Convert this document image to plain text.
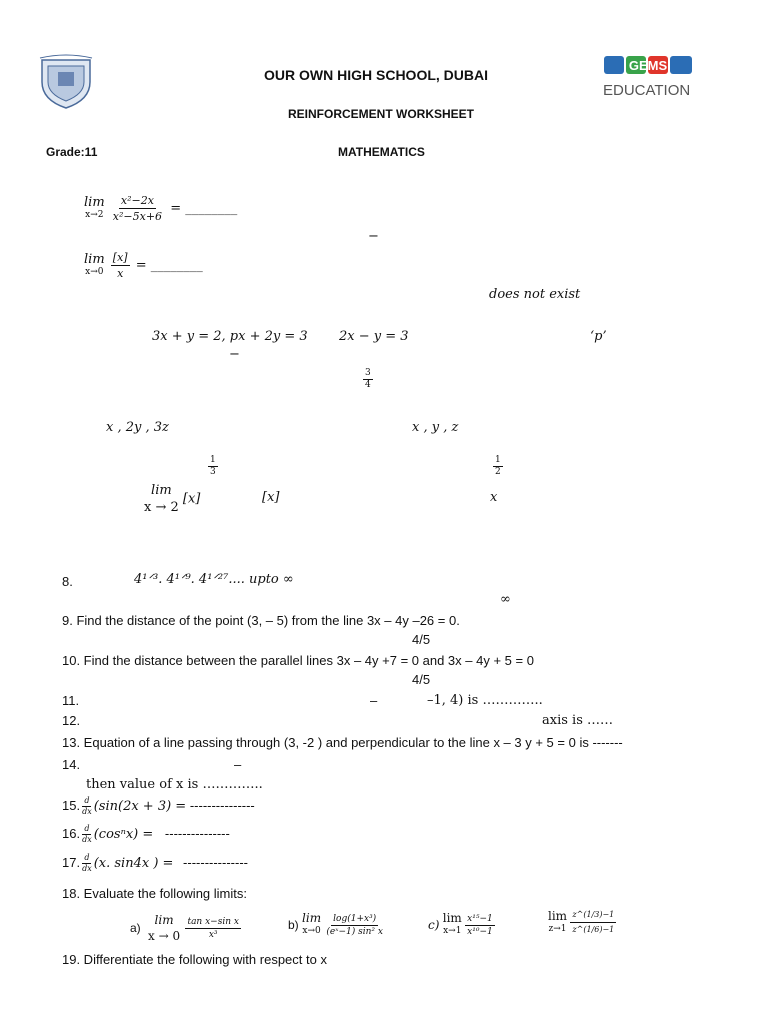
OUR OWN HIGH SCHOOL, DUBAI
REINFORCEMENT WORKSHEET
GEMS
EDUCATION
Grade:11	MATHEMATICS
lim
x→2
$\frac{\text{x²−2x}}{\text{x²−5x+6}}$ = ________
−
lim
x→0
$\frac{[x]}{x}$ = ________
does not exist
3x + y = 2, px + 2y = 3 2x − y = 3	‘p’
−
$\frac{3}{4}$
x , 2y , 3z	x , y , z
$\frac{1}{3}$	$\frac{1}{2}$
lim
x → 2
[x]	[x]	x
8.	4¹ᐟ³. 4¹ᐟ⁹. 4¹ᐟ²⁷.... upto ∞
∞
9. Find the distance of the point (3, – 5) from the line 3x – 4y –26 = 0.
4/5
10. Find the distance between the parallel lines 3x – 4y +7 = 0 and 3x – 4y + 5 = 0
4/5
11.	–	–1, 4) is …………..
12.	axis is ……
13. Equation of a line passing through (3, -2 ) and perpendicular to the line x – 3 y + 5 = 0 is -------
14.	–
then value of x is …………..
15. $\frac{d}{dx} (\sin(2x + 3)$ = ---------------
16. $\frac{d}{dx} (\cos^nx)$ = ---------------
17. $\frac{d}{dx} (x$. sin4x ) = ---------------
18. Evaluate the following limits:
a)
lim
x → 0
$\frac{\text{tan x−sin x}}{\text{x³}}$	b) lim
x→0
$\frac{\text{log(1+x³)}}{\text{(eˣ−1) sin² x}}$	c) lim
x→1
$\frac{\text{x¹⁵−1}}{\text{x¹⁰−1}}$	lim
z→1
$\frac{z\^{}(1/3)-1}{z\^{}(1/6)-1}$
19. Differentiate the following with respect to x
